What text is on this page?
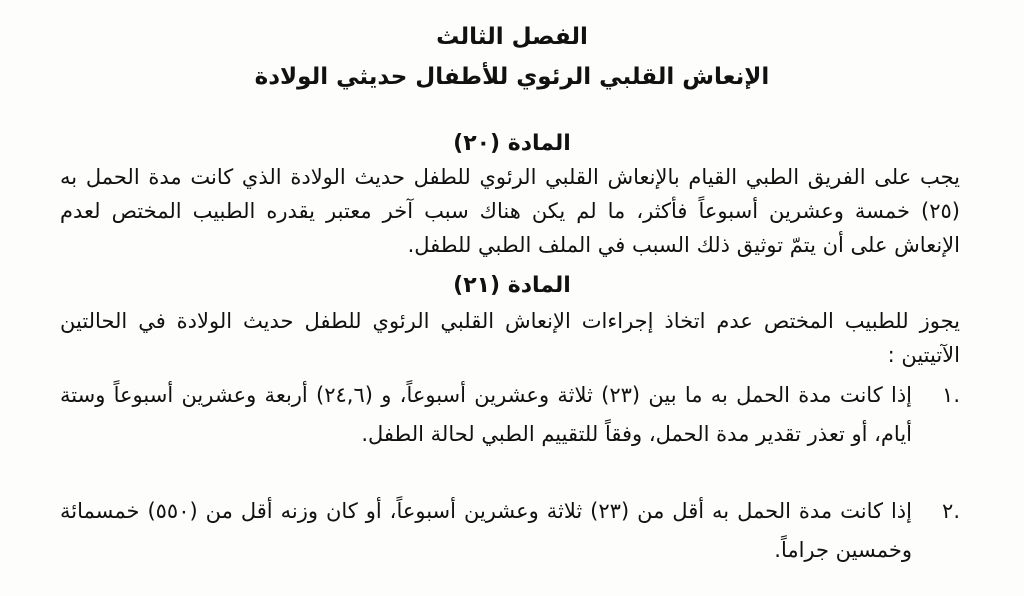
الفصل الثالث
الإنعاش القلبي الرئوي للأطفال حديثي الولادة
المادة (٢٠)
يجب على الفريق الطبي القيام بالإنعاش القلبي الرئوي للطفل حديث الولادة الذي كانت مدة الحمل به (٢٥) خمسة وعشرين أسبوعاً فأكثر، ما لم يكن هناك سبب آخر معتبر يقدره الطبيب المختص لعدم الإنعاش على أن يتمّ توثيق ذلك السبب في الملف الطبي للطفل.
المادة (٢١)
يجوز للطبيب المختص عدم اتخاذ إجراءات الإنعاش القلبي الرئوي للطفل حديث الولادة في الحالتين الآتيتين :
.١
إذا كانت مدة الحمل به ما بين (٢٣) ثلاثة وعشرين أسبوعاً، و (٢٤,٦) أربعة وعشرين أسبوعاً وستة أيام، أو تعذر تقدير مدة الحمل، وفقاً للتقييم الطبي لحالة الطفل.
.٢
إذا كانت مدة الحمل به أقل من (٢٣) ثلاثة وعشرين أسبوعاً، أو كان وزنه أقل من (٥٥٠) خمسمائة وخمسين جراماً.
